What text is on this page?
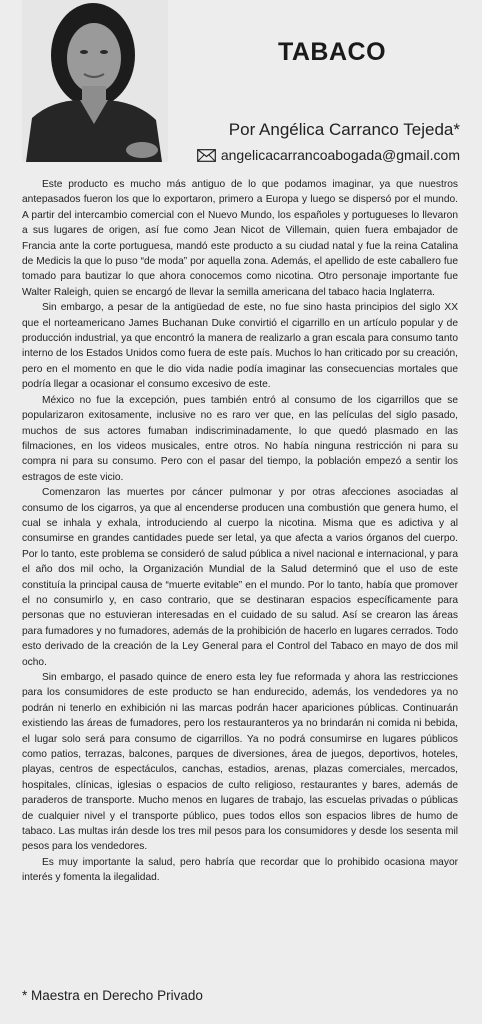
TABACO
Por Angélica Carranco Tejeda*
angelicacarrancoabogada@gmail.com

Este producto es mucho más antiguo de lo que podamos imaginar, ya que nuestros antepasados fueron los que lo exportaron, primero a Europa y luego se dispersó por el mundo. A partir del intercambio comercial con el Nuevo Mundo, los españoles y portugueses lo llevaron a sus lugares de origen, así fue como Jean Nicot de Villemain, quien fuera embajador de Francia ante la corte portuguesa, mandó este producto a su ciudad natal y fue la reina Catalina de Medicis la que lo puso “de moda” por aquella zona. Además, el apellido de este caballero fue tomado para bautizar lo que ahora conocemos como nicotina. Otro personaje importante fue Walter Raleigh, quien se encargó de llevar la semilla americana del tabaco hacia Inglaterra.

Sin embargo, a pesar de la antigüedad de este, no fue sino hasta principios del siglo XX que el norteamericano James Buchanan Duke convirtió el cigarrillo en un artículo popular y de producción industrial, ya que encontró la manera de realizarlo a gran escala para consumo tanto interno de los Estados Unidos como fuera de este país. Muchos lo han criticado por su creación, pero en el momento en que le dio vida nadie podía imaginar las consecuencias mortales que podría llegar a ocasionar el consumo excesivo de este.

México no fue la excepción, pues también entró al consumo de los cigarrillos que se popularizaron exitosamente, inclusive no es raro ver que, en las películas del siglo pasado, muchos de sus actores fumaban indiscriminadamente, lo que quedó plasmado en las filmaciones, en los videos musicales, entre otros. No había ninguna restricción ni para su compra ni para su consumo. Pero con el pasar del tiempo, la población empezó a sentir los estragos de este vicio.

Comenzaron las muertes por cáncer pulmonar y por otras afecciones asociadas al consumo de los cigarros, ya que al encenderse producen una combustión que genera humo, el cual se inhala y exhala, introduciendo al cuerpo la nicotina. Misma que es adictiva y al consumirse en grandes cantidades puede ser letal, ya que afecta a varios órganos del cuerpo. Por lo tanto, este problema se consideró de salud pública a nivel nacional e internacional, y para el año dos mil ocho, la Organización Mundial de la Salud determinó que el uso de este constituía la principal causa de “muerte evitable” en el mundo. Por lo tanto, había que promover el no consumirlo y, en caso contrario, que se destinaran espacios específicamente para personas que no estuvieran interesadas en el cuidado de su salud. Así se crearon las áreas para fumadores y no fumadores, además de la prohibición de hacerlo en lugares cerrados. Todo esto derivado de la creación de la Ley General para el Control del Tabaco en mayo de dos mil ocho.

Sin embargo, el pasado quince de enero esta ley fue reformada y ahora las restricciones para los consumidores de este producto se han endurecido, además, los vendedores ya no podrán ni tenerlo en exhibición ni las marcas podrán hacer apariciones públicas. Continuarán existiendo las áreas de fumadores, pero los restauranteros ya no brindarán ni comida ni bebida, el lugar solo será para consumo de cigarrillos. Ya no podrá consumirse en lugares públicos como patios, terrazas, balcones, parques de diversiones, área de juegos, deportivos, hoteles, playas, centros de espectáculos, canchas, estadios, arenas, plazas comerciales, mercados, hospitales, clínicas, iglesias o espacios de culto religioso, restaurantes y bares, además de paraderos de transporte. Mucho menos en lugares de trabajo, las escuelas privadas o públicas de cualquier nivel y el transporte público, pues todos ellos son espacios libres de humo de tabaco. Las multas irán desde los tres mil pesos para los consumidores y desde los sesenta mil pesos para los vendedores.

Es muy importante la salud, pero habría que recordar que lo prohibido ocasiona mayor interés y fomenta la ilegalidad.

* Maestra en Derecho Privado
